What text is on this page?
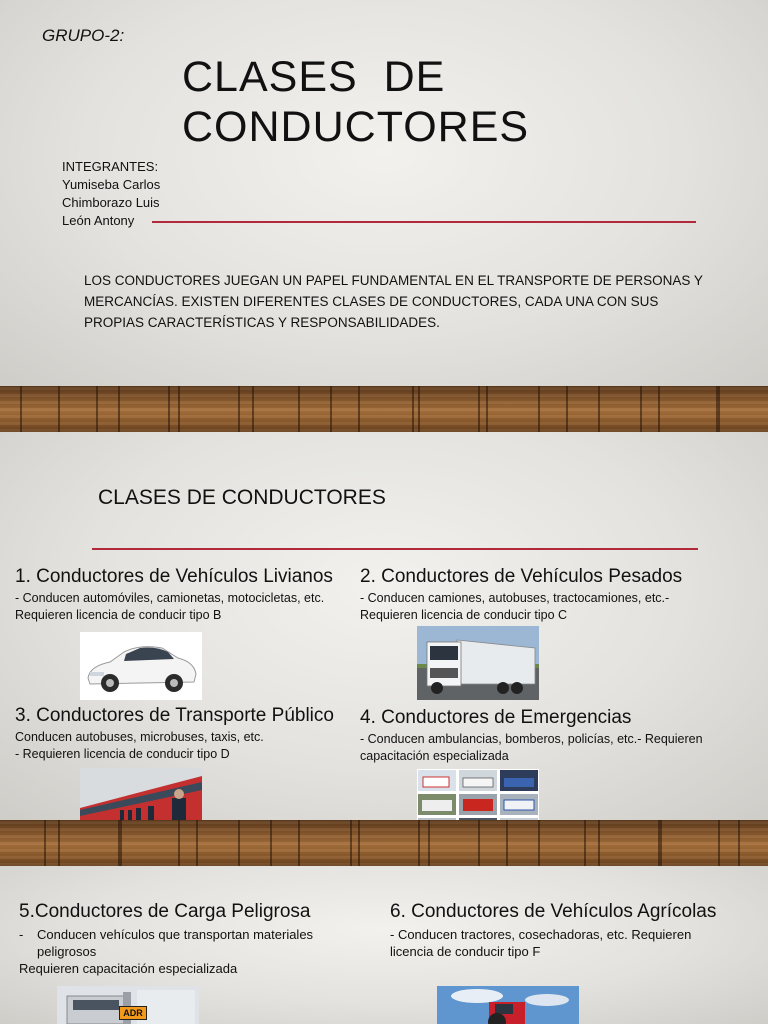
GRUPO-2:
CLASES  DE
CONDUCTORES
INTEGRANTES:
Yumiseba Carlos
Chimborazo Luis
León Antony
LOS CONDUCTORES JUEGAN UN PAPEL FUNDAMENTAL EN EL TRANSPORTE DE PERSONAS Y
MERCANCÍAS. EXISTEN DIFERENTES CLASES DE CONDUCTORES, CADA UNA CON SUS
PROPIAS CARACTERÍSTICAS Y RESPONSABILIDADES.
CLASES DE CONDUCTORES
1. Conductores de Vehículos Livianos
- Conducen automóviles, camionetas, motocicletas, etc.
Requieren licencia de conducir tipo B
2. Conductores de Vehículos Pesados
- Conducen camiones, autobuses, tractocamiones, etc.-
Requieren licencia de conducir tipo C
3. Conductores de Transporte Público
Conducen autobuses, microbuses, taxis, etc.
- Requieren licencia de conducir tipo D
4. Conductores de Emergencias
- Conducen ambulancias, bomberos, policías, etc.- Requieren
capacitación especializada
5.Conductores de Carga Peligrosa
-	Conducen vehículos que transportan materiales
peligrosos
Requieren capacitación especializada
6. Conductores de Vehículos Agrícolas
- Conducen tractores, cosechadoras, etc. Requieren
licencia de conducir tipo F
ADR
